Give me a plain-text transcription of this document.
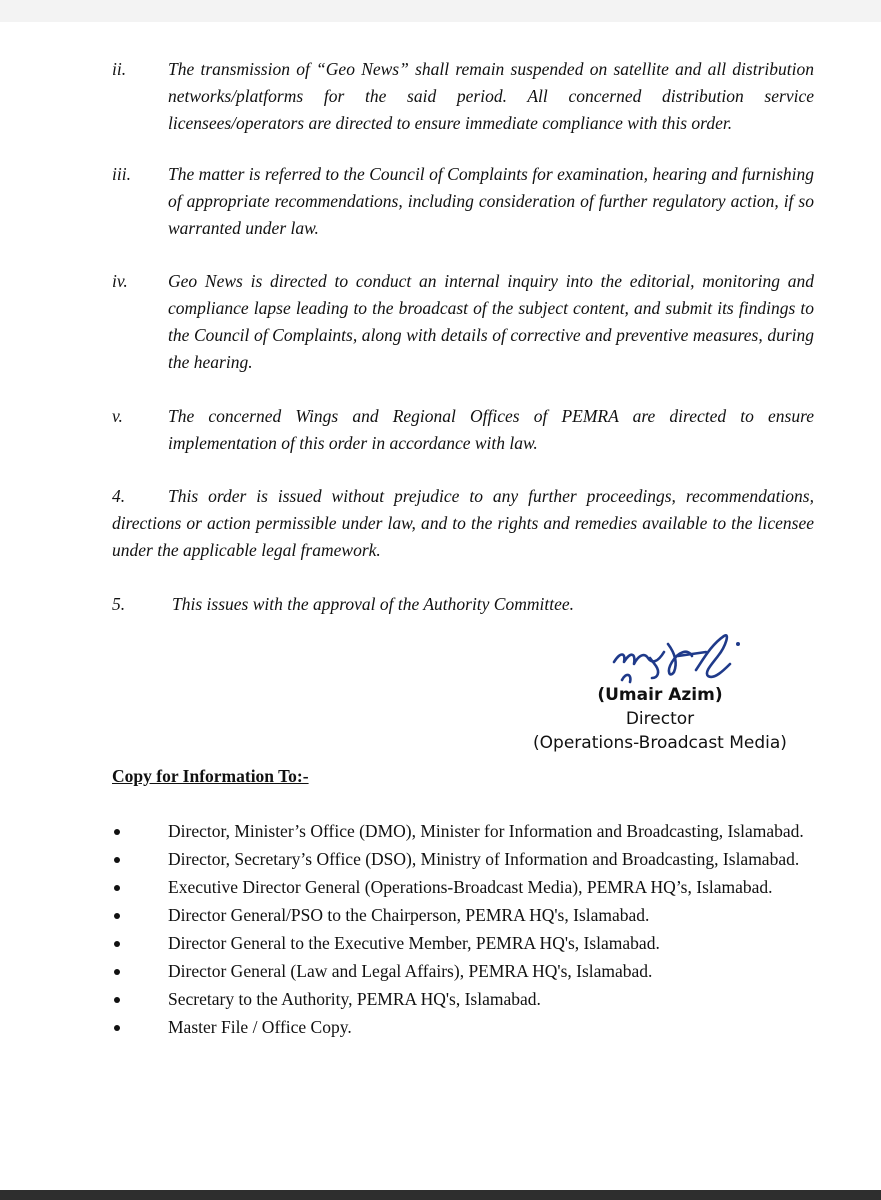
ii. The transmission of “Geo News” shall remain suspended on satellite and all distribution networks/platforms for the said period. All concerned distribution service licensees/operators are directed to ensure immediate compliance with this order.
iii. The matter is referred to the Council of Complaints for examination, hearing and furnishing of appropriate recommendations, including consideration of further regulatory action, if so warranted under law.
iv. Geo News is directed to conduct an internal inquiry into the editorial, monitoring and compliance lapse leading to the broadcast of the subject content, and submit its findings to the Council of Complaints, along with details of corrective and preventive measures, during the hearing.
v.	The concerned Wings and Regional Offices of PEMRA are directed to ensure implementation of this order in accordance with law.
4. This order is issued without prejudice to any further proceedings, recommendations, directions or action permissible under law, and to the rights and remedies available to the licensee under the applicable legal framework.
5.	This issues with the approval of the Authority Committee.
(Umair Azim)
Director
(Operations-Broadcast Media)
Copy for Information To:-
Director, Minister’s Office (DMO), Minister for Information and Broadcasting, Islamabad.
Director, Secretary’s Office (DSO), Ministry of Information and Broadcasting, Islamabad.
Executive Director General (Operations-Broadcast Media), PEMRA HQ’s, Islamabad.
Director General/PSO to the Chairperson, PEMRA HQ's, Islamabad.
Director General to the Executive Member, PEMRA HQ's, Islamabad.
Director General (Law and Legal Affairs), PEMRA HQ's, Islamabad.
Secretary to the Authority, PEMRA HQ's, Islamabad.
Master File / Office Copy.
